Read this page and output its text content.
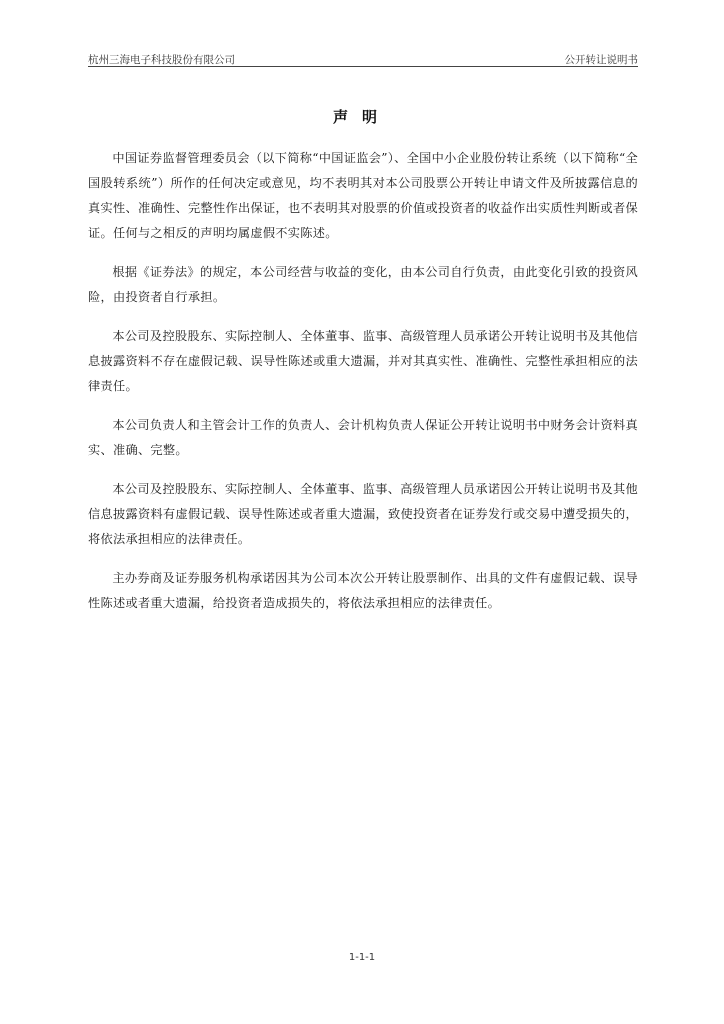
杭州三海电子科技股份有限公司	公开转让说明书
声明

中国证券监督管理委员会（以下简称“中国证监会”）、全国中小企业股份转让系统（以下简称“全国股转系统”）所作的任何决定或意见，均不表明其对本公司股票公开转让申请文件及所披露信息的真实性、准确性、完整性作出保证，也不表明其对股票的价值或投资者的收益作出实质性判断或者保证。任何与之相反的声明均属虚假不实陈述。

根据《证券法》的规定，本公司经营与收益的变化，由本公司自行负责，由此变化引致的投资风险，由投资者自行承担。

本公司及控股股东、实际控制人、全体董事、监事、高级管理人员承诺公开转让说明书及其他信息披露资料不存在虚假记载、误导性陈述或重大遗漏，并对其真实性、准确性、完整性承担相应的法律责任。

本公司负责人和主管会计工作的负责人、会计机构负责人保证公开转让说明书中财务会计资料真实、准确、完整。

本公司及控股股东、实际控制人、全体董事、监事、高级管理人员承诺因公开转让说明书及其他信息披露资料有虚假记载、误导性陈述或者重大遗漏，致使投资者在证券发行或交易中遭受损失的，将依法承担相应的法律责任。

主办券商及证券服务机构承诺因其为公司本次公开转让股票制作、出具的文件有虚假记载、误导性陈述或者重大遗漏，给投资者造成损失的，将依法承担相应的法律责任。

1-1-1
